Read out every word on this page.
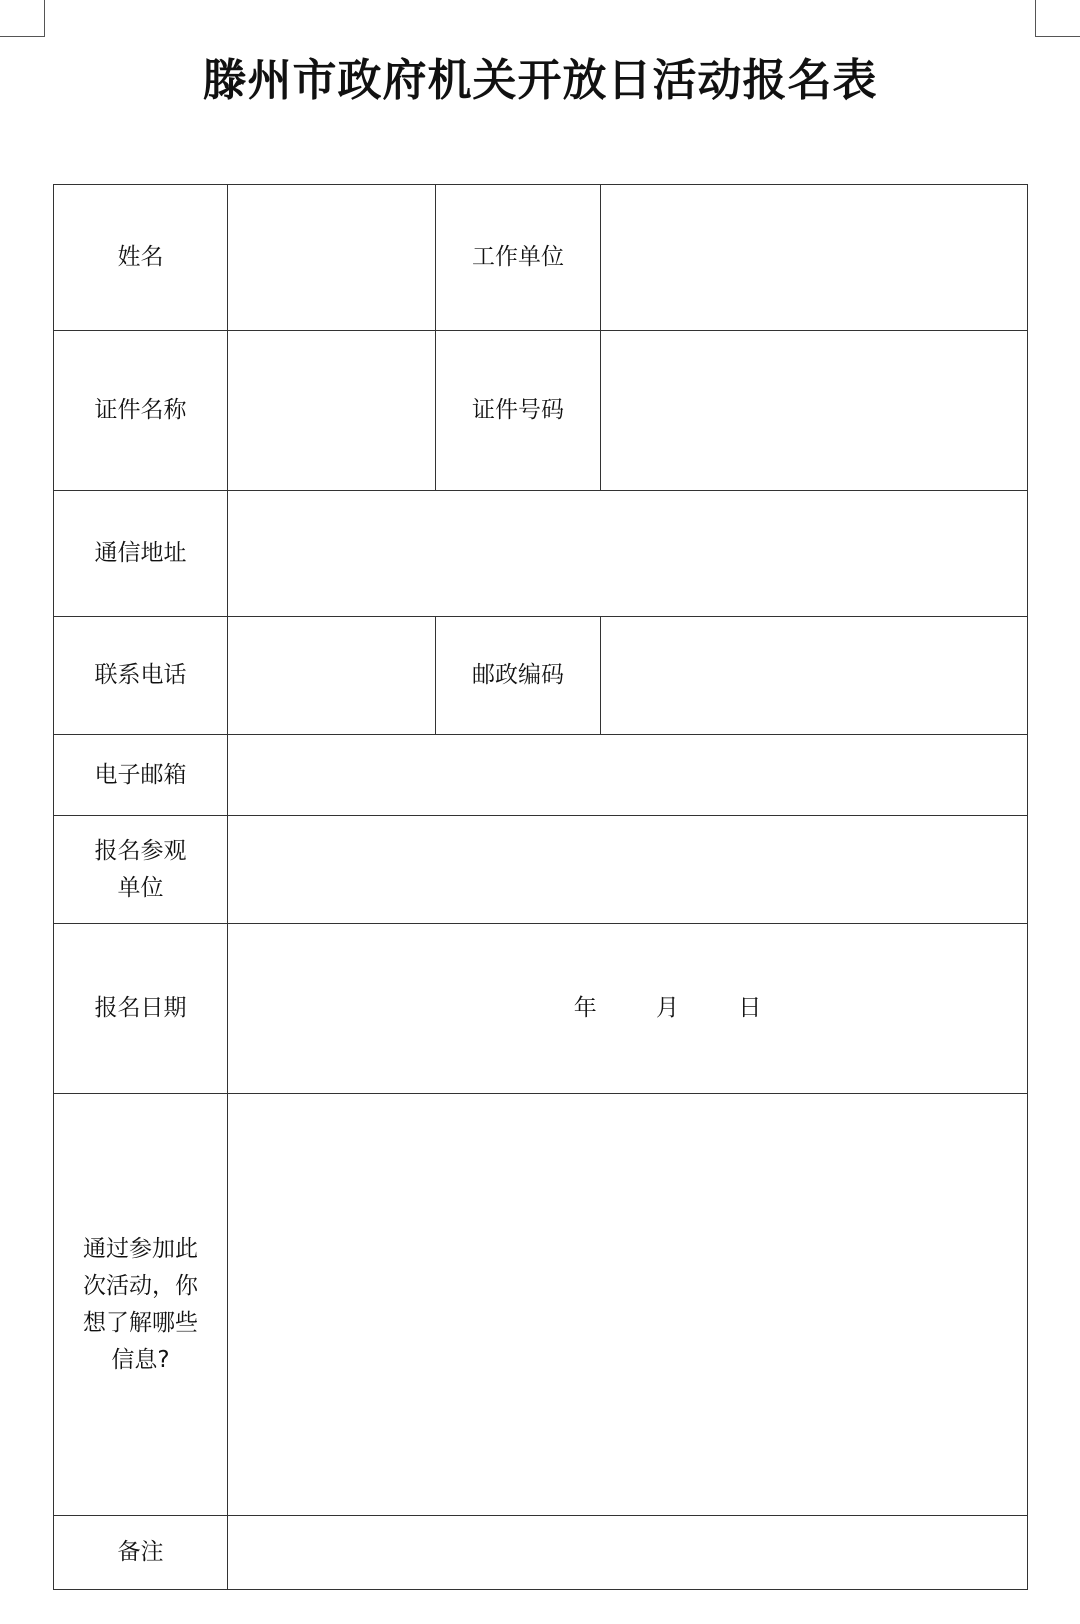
滕州市政府机关开放日活动报名表
姓名		工作单位	
证件名称		证件号码	
通信地址			
联系电话		邮政编码	
电子邮箱			
报名参观
单位			
报名日期	年 月 日		
通过参加此
次活动，你
想了解哪些
信息?			
备注			
